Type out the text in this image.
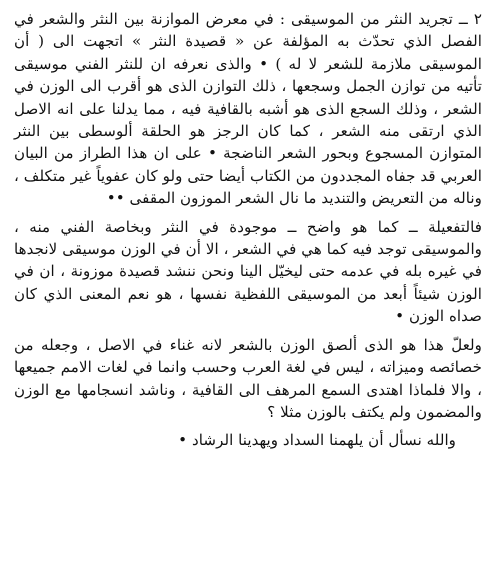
٢ ــ تجريد النثر من الموسيقى : في معرض الموازنة بين النثر والشعر في الفصل الذي تحدّث به المؤلفة عن « قصيدة النثر » اتجهت الى ( أن الموسيقى ملازمة للشعر لا له ) • والذى نعرفه ان للنثر الفني موسيقى تأتيه من توازن الجمل وسجعها ، ذلك التوازن الذى هو أقرب الى الوزن في الشعر ، وذلك السجع الذى هو أشبه بالقافية فيه ، مما يدلنا على انه الاصل الذي ارتقى منه الشعر ، كما كان الرجز هو الحلقة ألوسطى بين النثر المتوازن المسجوع وبحور الشعر الناضجة • على ان هذا الطراز من البيان العربي قد جفاه المجددون من الكتاب أيضا حتى ولو كان عفوياً غير متكلف ، وناله من التعريض والتنديد ما نال الشعر الموزون المقفى ••

فالتفعيلة ــ كما هو واضح ــ موجودة في النثر وبخاصة الفني منه ، والموسيقى توجد فيه كما هي في الشعر ، الا أن في الوزن موسيقى لانجدها في غيره بله في عدمه حتى ليخيّل الينا ونحن ننشد قصيدة موزونة ، ان في الوزن شيئاً أبعد من الموسيقى اللفظية نفسها ، هو نعم المعنى الذي كان صداه الوزن •

ولعلّ هذا هو الذى ألصق الوزن بالشعر لانه غناء في الاصل ، وجعله من خصائصه وميزاته ، ليس في لغة العرب وحسب وانما في لغات الامم جميعها ، والا فلماذا اهتدى السمع المرهف الى القافية ، وناشد انسجامها مع الوزن والمضمون ولم يكتف بالوزن مثلا ؟

والله نسأل أن يلهمنا السداد ويهدينا الرشاد •
